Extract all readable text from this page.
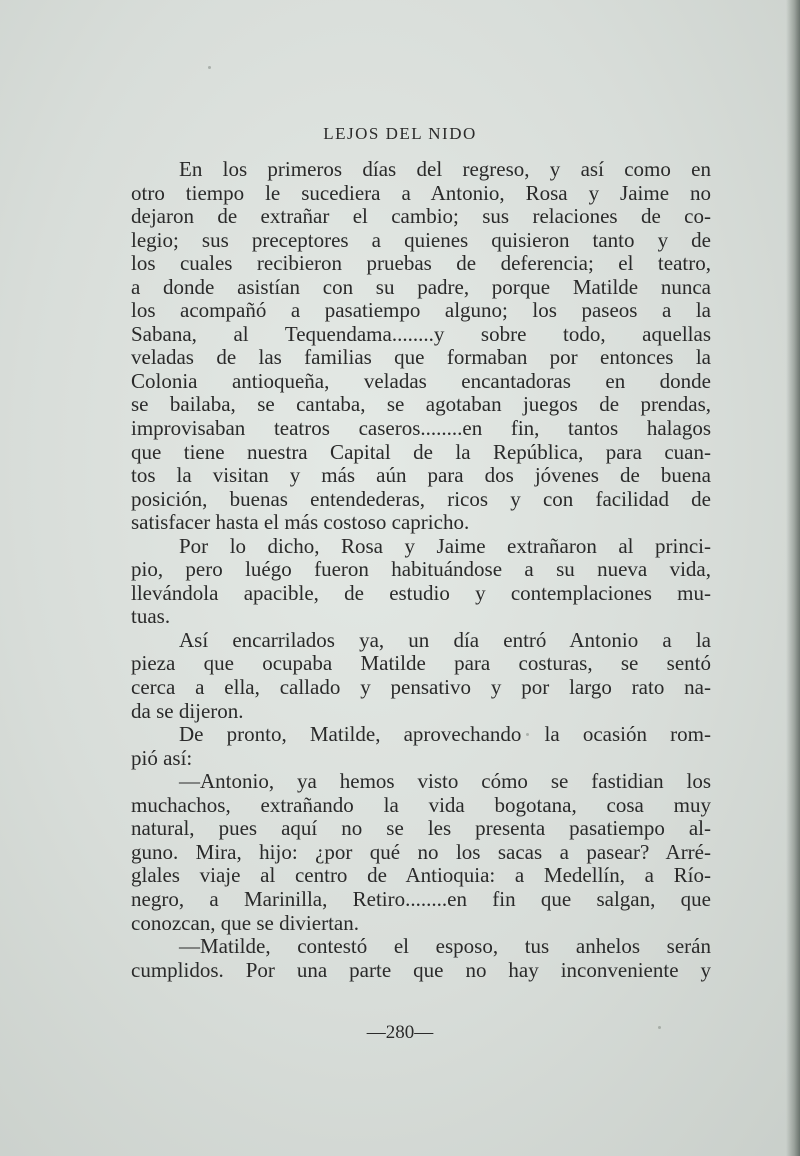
LEJOS DEL NIDO
En los primeros días del regreso, y así como en
otro tiempo le sucediera a Antonio, Rosa y Jaime no
dejaron de extrañar el cambio; sus relaciones de co-
legio; sus preceptores a quienes quisieron tanto y de
los cuales recibieron pruebas de deferencia; el teatro,
a donde asistían con su padre, porque Matilde nunca
los acompañó a pasatiempo alguno; los paseos a la
Sabana, al Tequendama........y sobre todo, aquellas
veladas de las familias que formaban por entonces la
Colonia antioqueña, veladas encantadoras en donde
se bailaba, se cantaba, se agotaban juegos de prendas,
improvisaban teatros caseros........en fin, tantos halagos
que tiene nuestra Capital de la República, para cuan-
tos la visitan y más aún para dos jóvenes de buena
posición, buenas entendederas, ricos y con facilidad de
satisfacer hasta el más costoso capricho.
Por lo dicho, Rosa y Jaime extrañaron al princi-
pio, pero luégo fueron habituándose a su nueva vida,
llevándola apacible, de estudio y contemplaciones mu-
tuas.
Así encarrilados ya, un día entró Antonio a la
pieza que ocupaba Matilde para costuras, se sentó
cerca a ella, callado y pensativo y por largo rato na-
da se dijeron.
De pronto, Matilde, aprovechando la ocasión rom-
pió así:
—Antonio, ya hemos visto cómo se fastidian los
muchachos, extrañando la vida bogotana, cosa muy
natural, pues aquí no se les presenta pasatiempo al-
guno. Mira, hijo: ¿por qué no los sacas a pasear? Arré-
glales viaje al centro de Antioquia: a Medellín, a Río-
negro, a Marinilla, Retiro........en fin que salgan, que
conozcan, que se diviertan.
—Matilde, contestó el esposo, tus anhelos serán
cumplidos. Por una parte que no hay inconveniente y
—280—
